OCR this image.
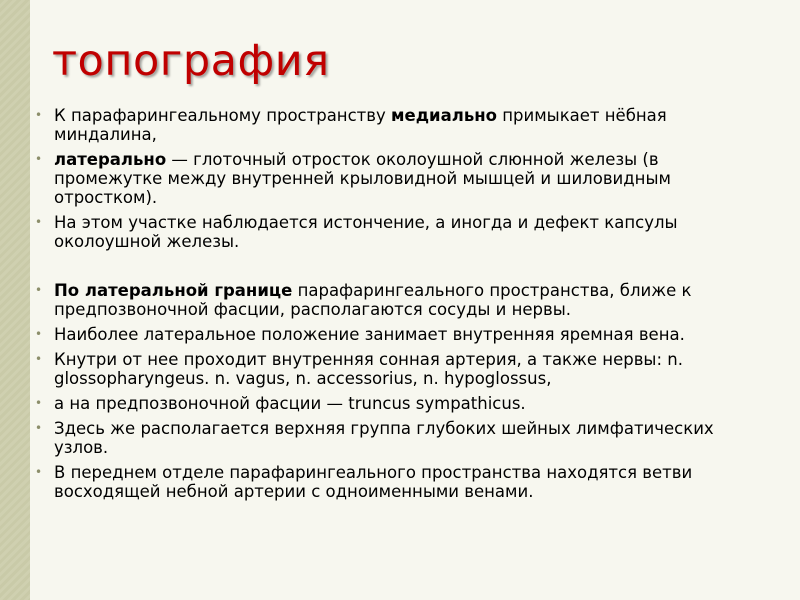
топография
• К парафарингеальному пространству медиально примыкает нёбная миндалина,
• латерально — глоточный отросток околоушной слюнной железы (в промежутке между внутренней крыловидной мышцей и шиловидным отростком).
• На этом участке наблюдается истончение, а иногда и дефект капсулы околоушной железы.
• По латеральной границе парафарингеального пространства, ближе к предпозвоночной фасции, располагаются сосуды и нервы.
• Наиболее латеральное положение занимает внутренняя яремная вена.
• Кнутри от нее проходит внутренняя сонная артерия, а также нервы: n. glossopharyngeus. n. vagus, n. accessorius, n. hypoglossus,
• а на предпозвоночной фасции — truncus sympathicus.
• Здесь же располагается верхняя группа глубоких шейных лимфатических узлов.
• В переднем отделе парафарингеального пространства находятся ветви восходящей небной артерии с одноименными венами.
